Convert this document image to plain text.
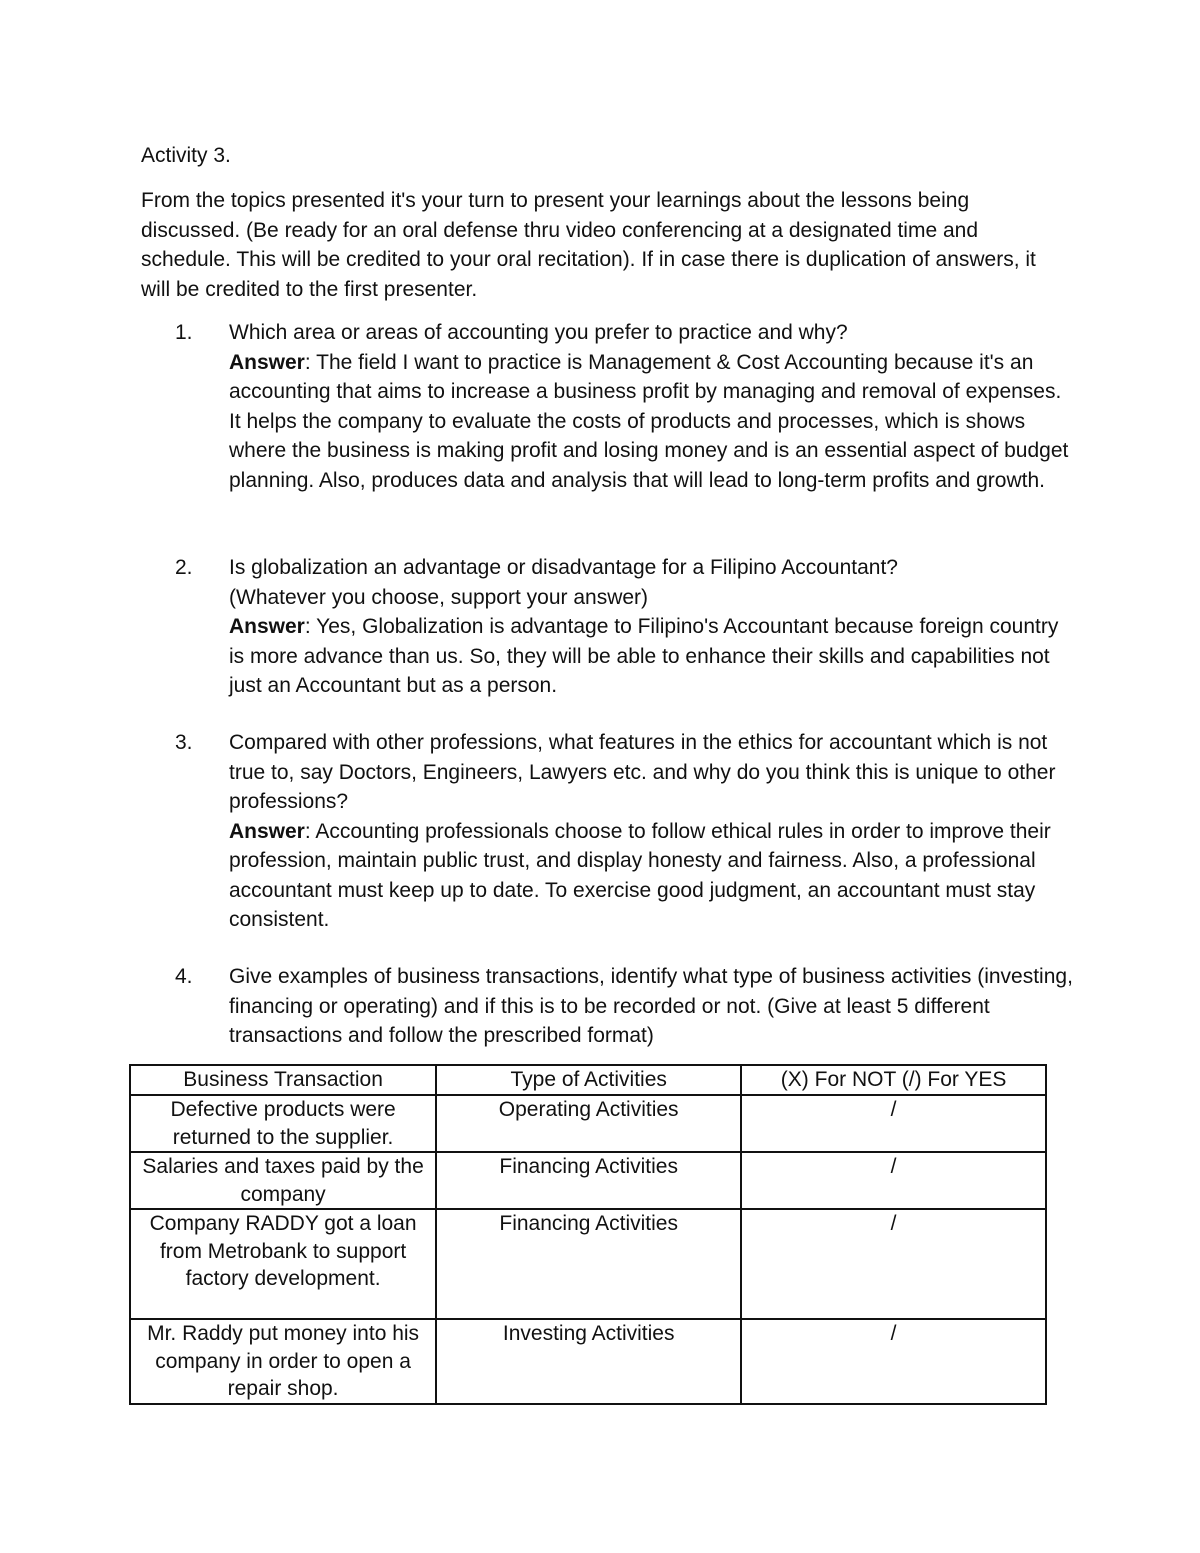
Activity 3.

From the topics presented it's your turn to present your learnings about the lessons being discussed. (Be ready for an oral defense thru video conferencing at a designated time and schedule. This will be credited to your oral recitation). If in case there is duplication of answers, it will be credited to the first presenter.

1.	Which area or areas of accounting you prefer to practice and why?
Answer: The field I want to practice is Management & Cost Accounting because it's an accounting that aims to increase a business profit by managing and removal of expenses. It helps the company to evaluate the costs of products and processes, which is shows where the business is making profit and losing money and is an essential aspect of budget planning. Also, produces data and analysis that will lead to long-term profits and growth.
2.	Is globalization an advantage or disadvantage for a Filipino Accountant?
(Whatever you choose, support your answer)
Answer: Yes, Globalization is advantage to Filipino's Accountant because foreign country is more advance than us. So, they will be able to enhance their skills and capabilities not just an Accountant but as a person.
3.	Compared with other professions, what features in the ethics for accountant which is not true to, say Doctors, Engineers, Lawyers etc. and why do you think this is unique to other professions?
Answer: Accounting professionals choose to follow ethical rules in order to improve their profession, maintain public trust, and display honesty and fairness. Also, a professional accountant must keep up to date. To exercise good judgment, an accountant must stay consistent.
4.	Give examples of business transactions, identify what type of business activities (investing, financing or operating) and if this is to be recorded or not. (Give at least 5 different transactions and follow the prescribed format)
Business Transaction	Type of Activities	(X) For NOT (/) For YES
Defective products were returned to the supplier.	Operating Activities	/
Salaries and taxes paid by the company	Financing Activities	/
Company RADDY got a loan from Metrobank to support factory development.	Financing Activities	/
Mr. Raddy put money into his company in order to open a repair shop.	Investing Activities	/
